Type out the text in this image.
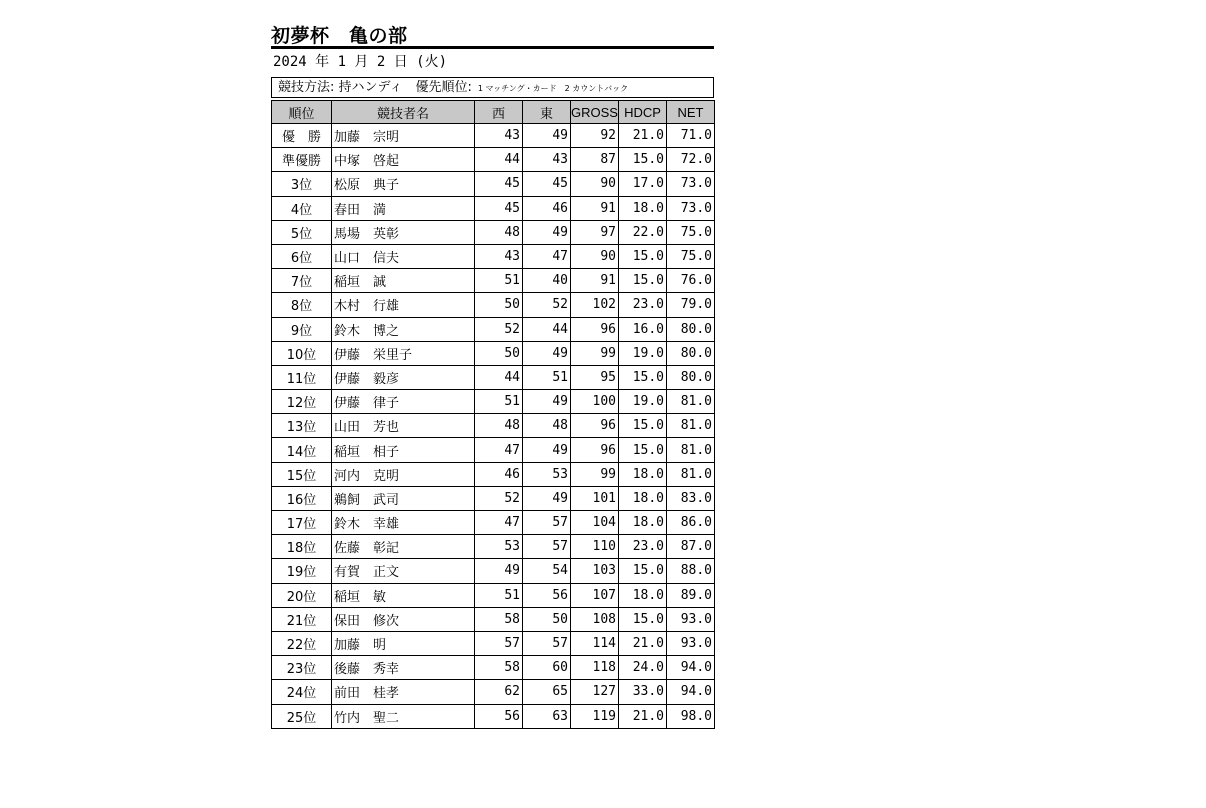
初夢杯　亀の部
2024 年 1 月 2 日 (火)
競技方法: 持ハンディ　優先順位: 1 マッチング・カード　2 カウントバック
順位	競技者名	西	東	GROSS	HDCP	NET
優　勝	加藤　宗明	43	49	92	21.0	71.0
準優勝	中塚　啓起	44	43	87	15.0	72.0
3位	松原　典子	45	45	90	17.0	73.0
4位	春田　満	45	46	91	18.0	73.0
5位	馬場　英彰	48	49	97	22.0	75.0
6位	山口　信夫	43	47	90	15.0	75.0
7位	稲垣　誠	51	40	91	15.0	76.0
8位	木村　行雄	50	52	102	23.0	79.0
9位	鈴木　博之	52	44	96	16.0	80.0
10位	伊藤　栄里子	50	49	99	19.0	80.0
11位	伊藤　毅彦	44	51	95	15.0	80.0
12位	伊藤　律子	51	49	100	19.0	81.0
13位	山田　芳也	48	48	96	15.0	81.0
14位	稲垣　相子	47	49	96	15.0	81.0
15位	河内　克明	46	53	99	18.0	81.0
16位	鵜飼　武司	52	49	101	18.0	83.0
17位	鈴木　幸雄	47	57	104	18.0	86.0
18位	佐藤　彰記	53	57	110	23.0	87.0
19位	有賀　正文	49	54	103	15.0	88.0
20位	稲垣　敏	51	56	107	18.0	89.0
21位	保田　修次	58	50	108	15.0	93.0
22位	加藤　明	57	57	114	21.0	93.0
23位	後藤　秀幸	58	60	118	24.0	94.0
24位	前田　桂孝	62	65	127	33.0	94.0
25位	竹内　聖二	56	63	119	21.0	98.0
